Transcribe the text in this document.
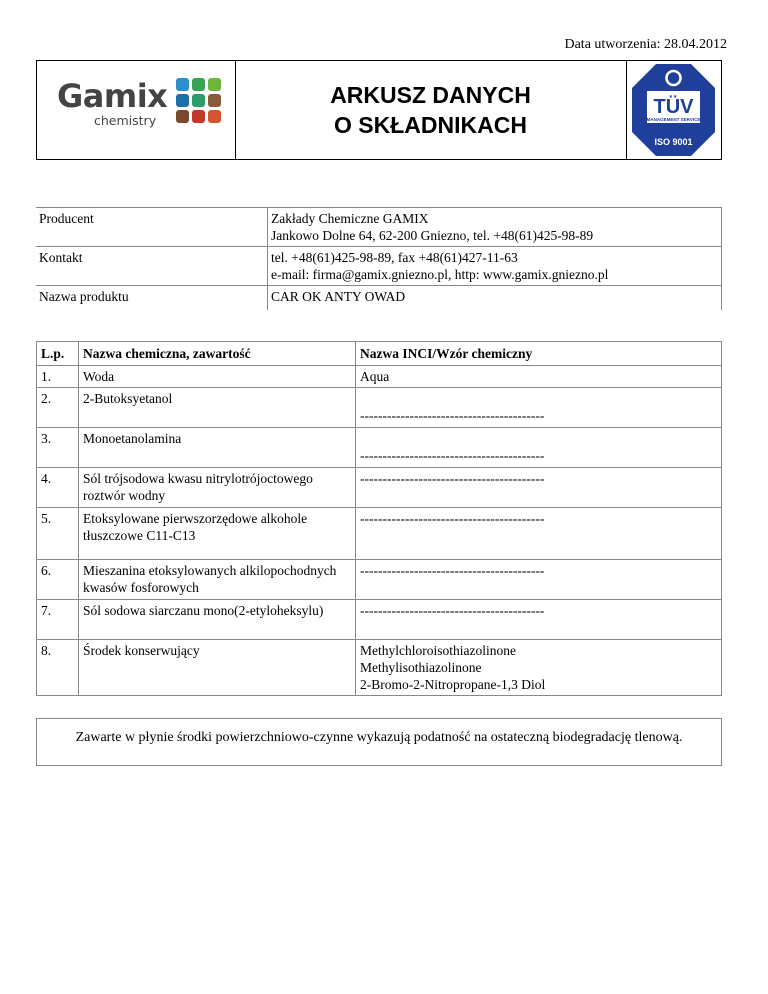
Data utworzenia: 28.04.2012
Gamix
chemistry
ARKUSZ DANYCH
O SKŁADNIKACH
TÜV
MANAGEMENT SERVICE
ISO 9001
Producent	Zakłady Chemiczne GAMIX
Jankowo Dolne 64, 62-200 Gniezno, tel. +48(61)425-98-89

Kontakt	tel. +48(61)425-98-89, fax +48(61)427-11-63
e-mail: firma@gamix.gniezno.pl, http: www.gamix.gniezno.pl

Nazwa produktu	CAR OK ANTY OWAD
L.p.	Nazwa chemiczna, zawartość	Nazwa INCI/Wzór chemiczny
1.	Woda	Aqua
2.	2-Butoksyetanol	-----------------------------------------
3.	Monoetanolamina	-----------------------------------------
4.	Sól trójsodowa kwasu nitrylotrójoctowego roztwór wodny	-----------------------------------------
5.	Etoksylowane pierwszorzędowe alkohole tłuszczowe C11-C13	-----------------------------------------
6.	Mieszanina etoksylowanych alkilopochodnych kwasów fosforowych	-----------------------------------------
7.	Sól sodowa siarczanu mono(2-etyloheksylu)	-----------------------------------------
8.	Środek konserwujący	Methylchloroisothiazolinone
Methylisothiazolinone
2-Bromo-2-Nitropropane-1,3 Diol
Zawarte w płynie środki powierzchniowo-czynne wykazują podatność na ostateczną biodegradację tlenową.
